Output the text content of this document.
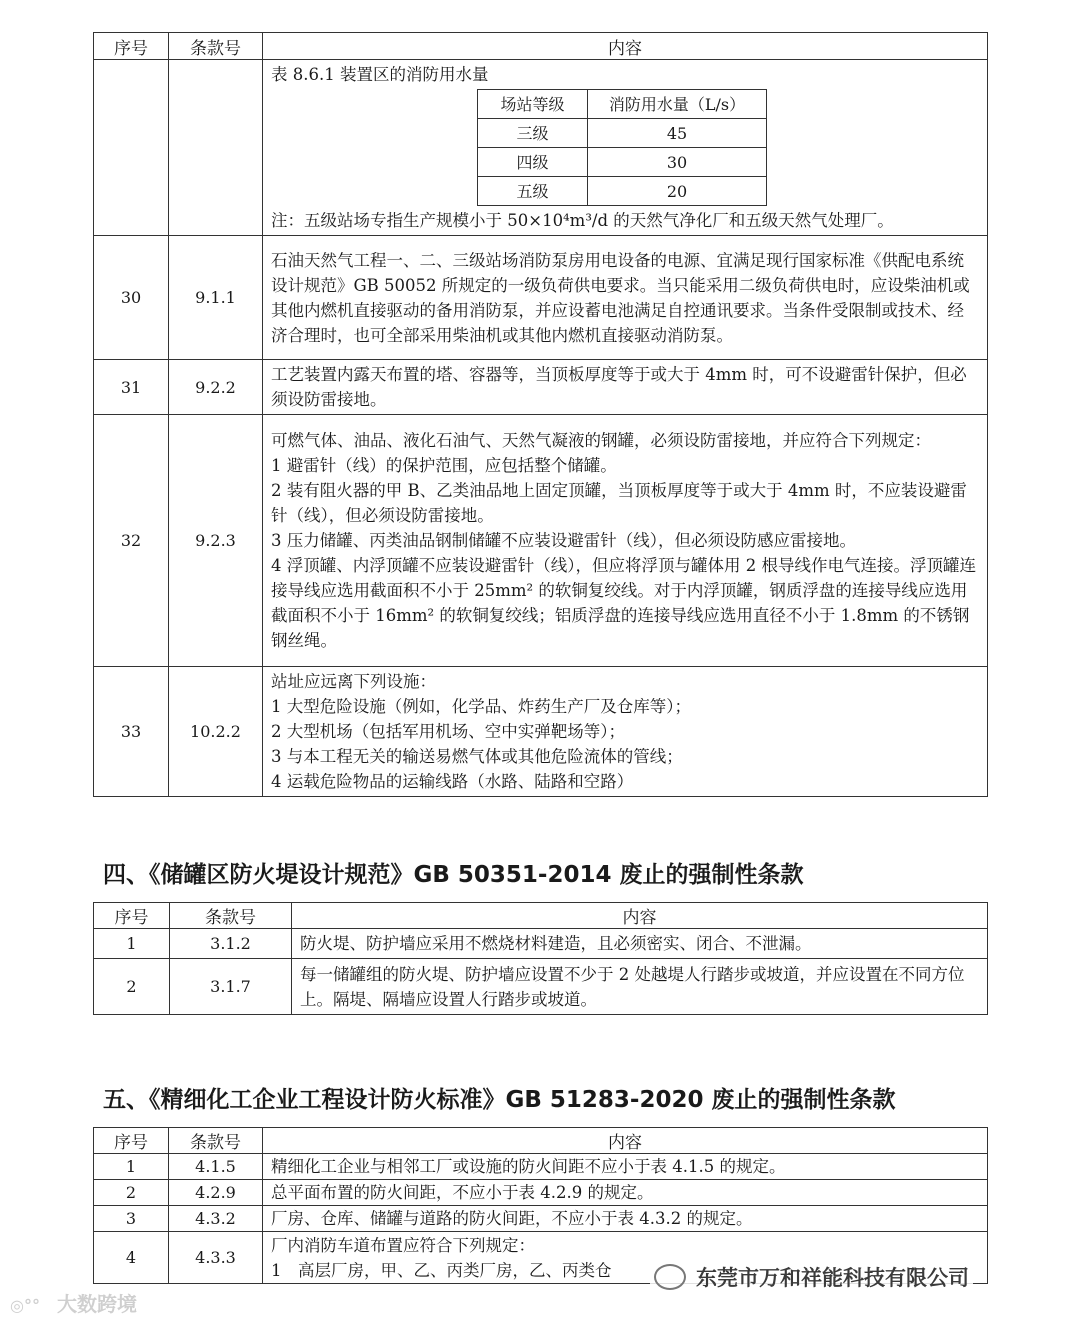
序号	条款号	内容

表 8.6.1 装置区的消防用水量
场站等级	消防用水量（L/s）
三级	45
四级	30
五级	20
注：五级站场专指生产规模小于 50×10⁴m³/d 的天然气净化厂和五级天然气处理厂。

30	9.1.1	
石油天然气工程一、二、三级站场消防泵房用电设备的电源、宜满足现行国家标准《供配电系统设计规范》GB 50052 所规定的一级负荷供电要求。当只能采用二级负荷供电时，应设柴油机或其他内燃机直接驱动的备用消防泵，并应设蓄电池满足自控通讯要求。当条件受限制或技术、经济合理时，也可全部采用柴油机或其他内燃机直接驱动消防泵。

31	9.2.2	
工艺装置内露天布置的塔、容器等，当顶板厚度等于或大于 4mm 时，可不设避雷针保护，但必须设防雷接地。

32	9.2.3	
可燃气体、油品、液化石油气、天然气凝液的钢罐，必须设防雷接地，并应符合下列规定：
1 避雷针（线）的保护范围，应包括整个储罐。
2 装有阻火器的甲 B、乙类油品地上固定顶罐，当顶板厚度等于或大于 4mm 时，不应装设避雷针（线），但必须设防雷接地。
3 压力储罐、丙类油品钢制储罐不应装设避雷针（线），但必须设防感应雷接地。
4 浮顶罐、内浮顶罐不应装设避雷针（线），但应将浮顶与罐体用 2 根导线作电气连接。浮顶罐连接导线应选用截面积不小于 25mm² 的软铜复绞线。对于内浮顶罐，钢质浮盘的连接导线应选用截面积不小于 16mm² 的软铜复绞线；铝质浮盘的连接导线应选用直径不小于 1.8mm 的不锈钢钢丝绳。

33	10.2.2	
站址应远离下列设施：
1 大型危险设施（例如，化学品、炸药生产厂及仓库等）；
2 大型机场（包括军用机场、空中实弹靶场等）；
3 与本工程无关的输送易燃气体或其他危险流体的管线；
4 运载危险物品的运输线路（水路、陆路和空路）
四、《储罐区防火堤设计规范》GB 50351-2014 废止的强制性条款
序号	条款号	内容
1	3.1.2	防火堤、防护墙应采用不燃烧材料建造，且必须密实、闭合、不泄漏。
2	3.1.7	每一储罐组的防火堤、防护墙应设置不少于 2 处越堤人行踏步或坡道，并应设置在不同方位上。隔堤、隔墙应设置人行踏步或坡道。
五、《精细化工企业工程设计防火标准》GB 51283-2020 废止的强制性条款
序号	条款号	内容
1	4.1.5	精细化工企业与相邻工厂或设施的防火间距不应小于表 4.1.5 的规定。
2	4.2.9	总平面布置的防火间距，不应小于表 4.2.9 的规定。
3	4.3.2	厂房、仓库、储罐与道路的防火间距，不应小于表 4.3.2 的规定。
4	4.3.3	厂内消防车道布置应符合下列规定：
1　高层厂房，甲、乙、丙类厂房，乙、丙类仓
◎°° 大数跨境
东莞市万和祥能科技有限公司
